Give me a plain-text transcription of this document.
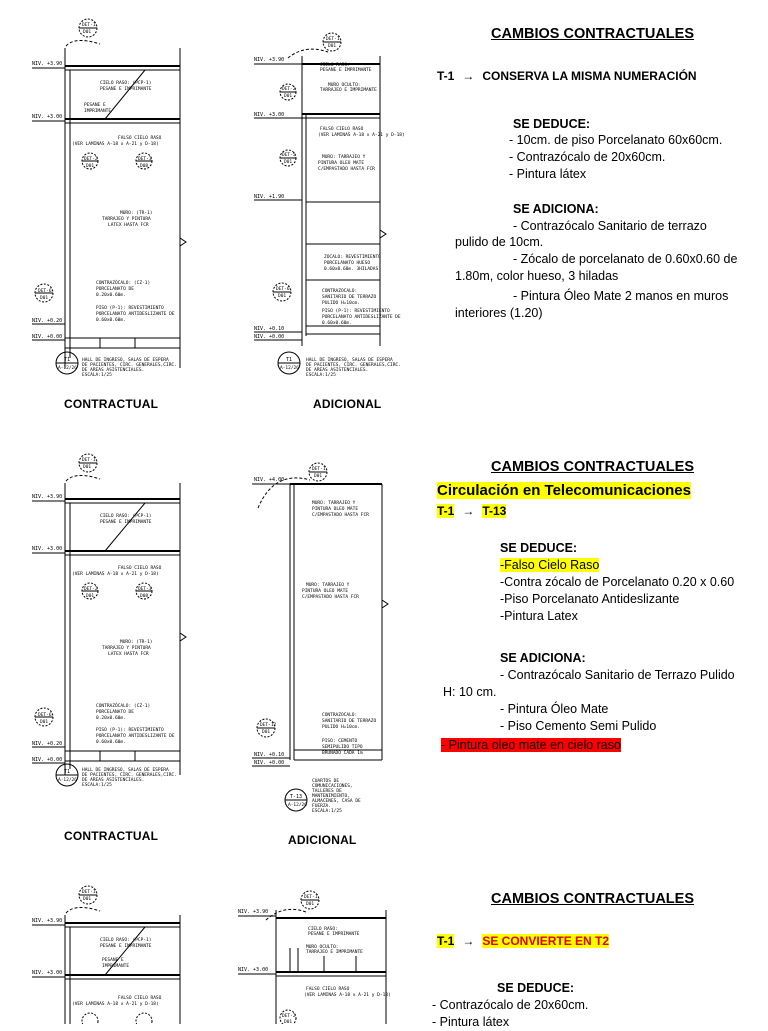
DET-1
D01
NIV. +3.90
NIV. +3.00
CIELO RASO: (PCP-1)
PESANE E IMPRIMANTE
PESANE E
IMPRIMANTE
FALSO CIELO RASO
(VER LAMINAS A-18 x A-21 y D-18)
DET-2
D01
DET-3
D08
MURO: (TR-1)
TARRAJEO Y PINTURA
LATEX HASTA FCR
CONTRAZÓCALO: (CZ-1)
PORCELANATO DE
0.20x0.60m.
PISO (P-1): REVESTIMIENTO
PORCELANATO ANTIDESLIZANTE DE
0.60x0.60m.
DET-6
D01
NIV. +0.20
NIV. +0.00
T1
A-12/26
HALL DE INGRESO, SALAS DE ESPERA
DE PACIENTES, CIRC. GENERALES,CIRC.
DE AREAS ASISTENCIALES.
ESCALA:1/25
DET-1
D01
NIV. +3.90
NIV. +3.00
CIELO RASO:
PESANE E IMPRIMANTE
MURO OCULTO:
TARRAJEO E IMPRIMANTE
DET-2
D01
FALSO CIELO RASO
(VER LAMINAS A-18 x A-21 y D-18)
MURO: TARRAJEO Y
PINTURA OLEO MATE
C/EMPASTADO HASTA FCR
DET-5
D01
NIV. +1.90
ZOCALO: REVESTIMIENTO
PORCELANATO HUESO
0.60x0.60m. 3HILADAS
CONTRAZOCALO:
SANITARIO DE TERRAZO
PULIDO H=10cm.
PISO (P-1): REVESTIMIENTO
PORCELANATO ANTIDESLIZANTE DE
0.60x0.60m.
DET-6
D01
NIV. +0.10
NIV. +0.00
T1
A-12/26
HALL DE INGRESO, SALAS DE ESPERA
DE PACIENTES, CIRC. GENERALES,CIRC.
DE AREAS ASISTENCIALES.
ESCALA:1/25
CONTRACTUAL	ADICIONAL
CAMBIOS CONTRACTUALES
T-1 → CONSERVA LA MISMA NUMERACIÓN
SE DEDUCE:
- 10cm. de piso Porcelanato 60x60cm.
- Contrazócalo de 20x60cm.
- Pintura látex
SE ADICIONA:
- Contrazócalo Sanitario de terrazo
pulido de 10cm.
- Zócalo de porcelanato de 0.60x0.60 de
1.80m, color hueso, 3 hiladas
- Pintura Óleo Mate 2 manos en muros
interiores (1.20)
DET-1
D01
NIV. +3.90
NIV. +3.00
CIELO RASO: (PCP-1)
PESANE E IMPRIMANTE
FALSO CIELO RASO
(VER LAMINAS A-18 x A-21 y D-18)
DET-2
D01
DET-3
D08
MURO: (TR-1)
TARRAJEO Y PINTURA
LATEX HASTA FCR
CONTRAZÓCALO: (CZ-1)
PORCELANATO DE
0.20x0.60m.
PISO (P-1): REVESTIMIENTO
PORCELANATO ANTIDESLIZANTE DE
0.60x0.60m.
DET-6
D01
NIV. +0.20
NIV. +0.00
T1
A-12/26
HALL DE INGRESO, SALAS DE ESPERA
DE PACIENTES, CIRC. GENERALES,CIRC.
DE AREAS ASISTENCIALES.
ESCALA:1/25
DET-1
D01
NIV. +4.00
MURO: TARRAJEO Y
PINTURA OLEO MATE
C/EMPASTADO HASTA FCR
MURO: TARRAJEO Y
PINTURA OLEO MATE
C/EMPASTADO HASTA FCR
CONTRAZOCALO:
SANITARIO DE TERRAZO
PULIDO H=10cm.
PISO: CEMENTO
SEMIPULIDO TIPO
BRUÑADO CADA 1m
DET-12
D01
NIV. +0.10
NIV. +0.00
T-13
A-12/26
CUARTOS DE
COMUNICACIONES,
TALLERES DE
MANTENIMIENTO,
ALMACENES, CASA DE
FUERZA.
ESCALA:1/25
CONTRACTUAL	ADICIONAL
CAMBIOS CONTRACTUALES
Circulación en Telecomunicaciones
T-1 → T-13
SE DEDUCE:
-Falso Cielo Raso
-Contra zócalo de Porcelanato 0.20 x 0.60
-Piso Porcelanato Antideslizante
-Pintura Latex
SE ADICIONA:
- Contrazócalo Sanitario de Terrazo Pulido
H: 10 cm.
- Pintura Óleo Mate
- Piso Cemento Semi Pulido
- Pintura oleo mate en cielo raso
DET-1
D01
NIV. +3.90
NIV. +3.00
CIELO RASO: (PCP-1)
PESANE E IMPRIMANTE
PESANE E
IMPRIMANTE
FALSO CIELO RASO
(VER LAMINAS A-18 x A-21 y D-18)
DET-1
D01
NIV. +3.90
NIV. +3.00
CIELO RASO:
PESANE E IMPRIMANTE
MURO OCULTO:
TARRAJEO E IMPRIMANTE
FALSO CIELO RASO
(VER LAMINAS A-18 x A-21 y D-18)
DET-2
D01
CAMBIOS CONTRACTUALES
T-1 → SE CONVIERTE EN T2
SE DEDUCE:
- Contrazócalo de 20x60cm.
- Pintura látex
